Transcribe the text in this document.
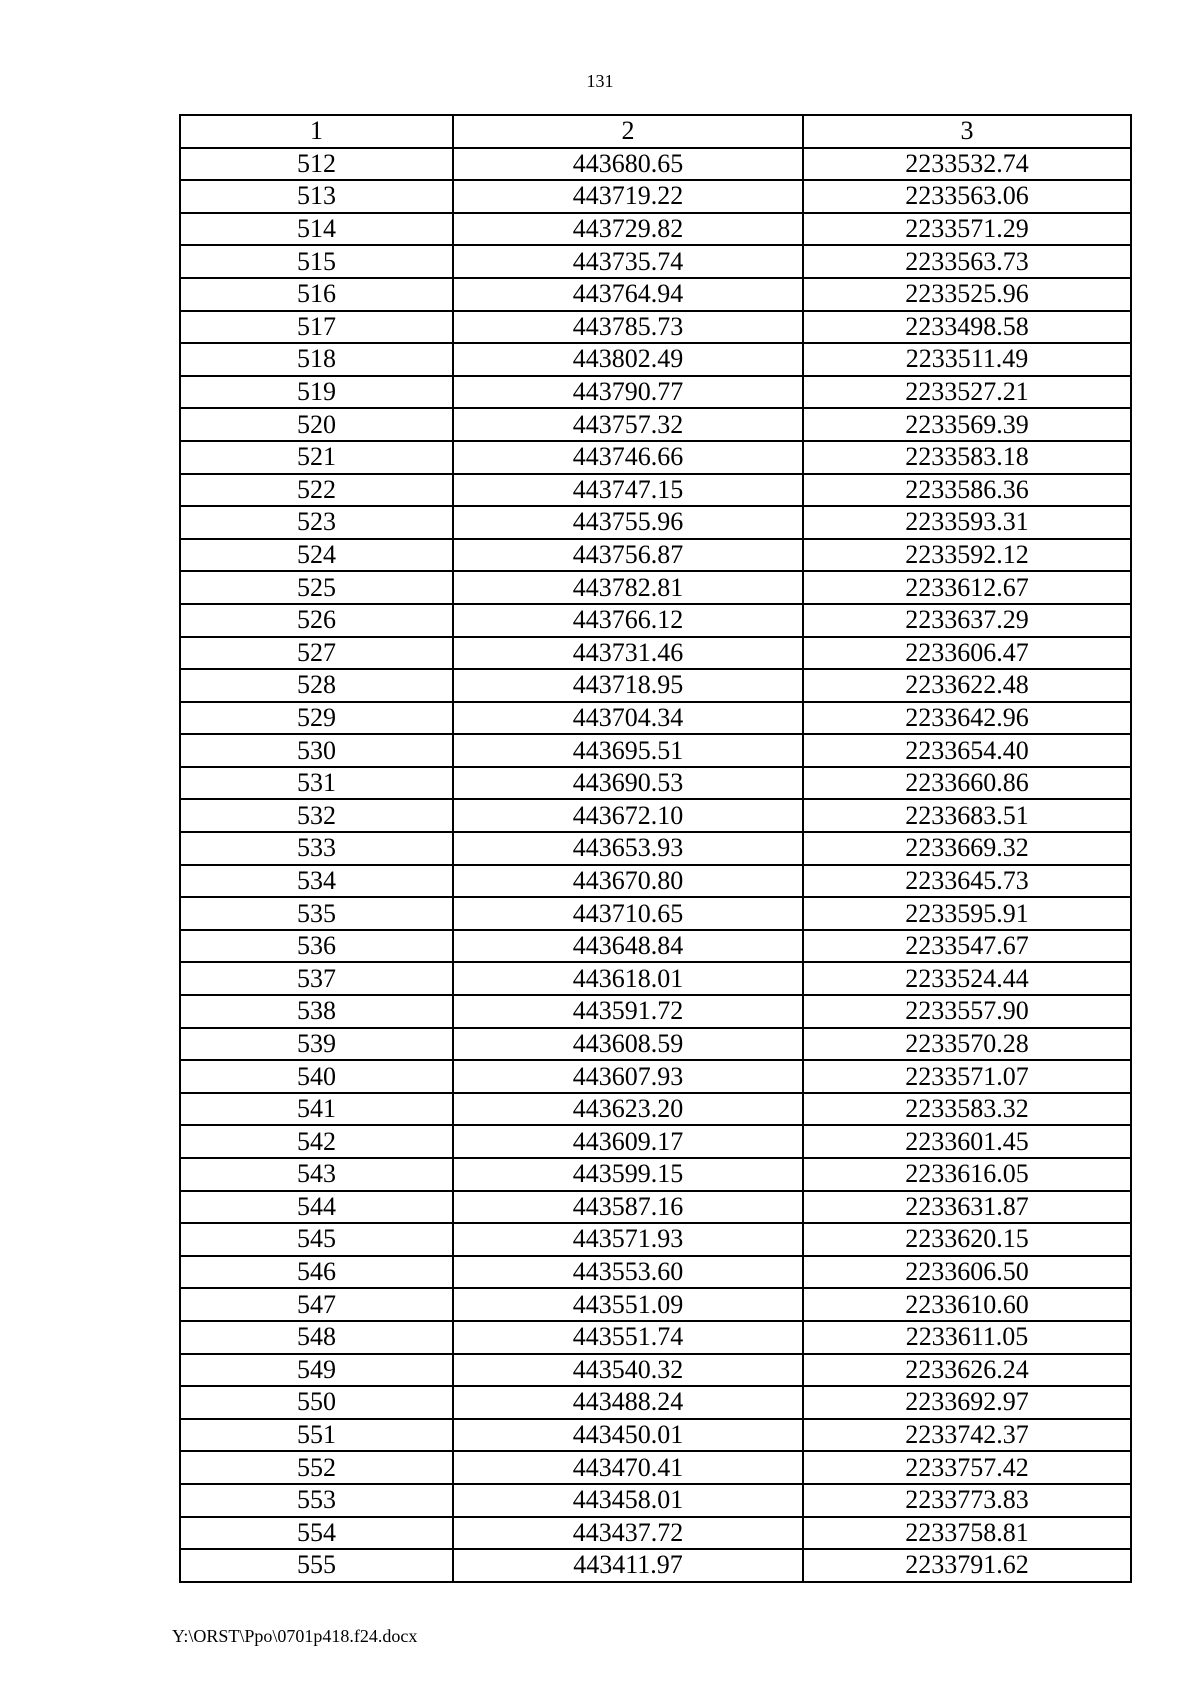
131
1	2	3
512	443680.65	2233532.74
513	443719.22	2233563.06
514	443729.82	2233571.29
515	443735.74	2233563.73
516	443764.94	2233525.96
517	443785.73	2233498.58
518	443802.49	2233511.49
519	443790.77	2233527.21
520	443757.32	2233569.39
521	443746.66	2233583.18
522	443747.15	2233586.36
523	443755.96	2233593.31
524	443756.87	2233592.12
525	443782.81	2233612.67
526	443766.12	2233637.29
527	443731.46	2233606.47
528	443718.95	2233622.48
529	443704.34	2233642.96
530	443695.51	2233654.40
531	443690.53	2233660.86
532	443672.10	2233683.51
533	443653.93	2233669.32
534	443670.80	2233645.73
535	443710.65	2233595.91
536	443648.84	2233547.67
537	443618.01	2233524.44
538	443591.72	2233557.90
539	443608.59	2233570.28
540	443607.93	2233571.07
541	443623.20	2233583.32
542	443609.17	2233601.45
543	443599.15	2233616.05
544	443587.16	2233631.87
545	443571.93	2233620.15
546	443553.60	2233606.50
547	443551.09	2233610.60
548	443551.74	2233611.05
549	443540.32	2233626.24
550	443488.24	2233692.97
551	443450.01	2233742.37
552	443470.41	2233757.42
553	443458.01	2233773.83
554	443437.72	2233758.81
555	443411.97	2233791.62
Y:\ORST\Ppo\0701p418.f24.docx
